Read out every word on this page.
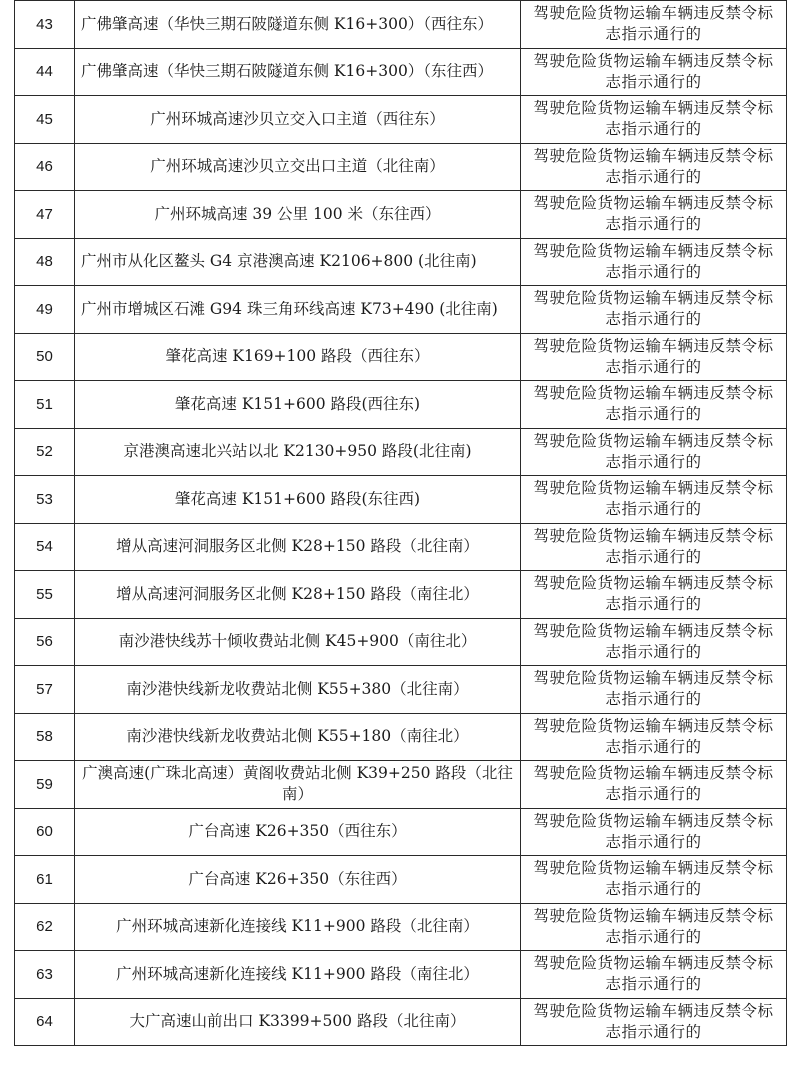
43	广佛肇高速（华快三期石陂隧道东侧 K16+300）（西往东）	驾驶危险货物运输车辆违反禁令标志指示通行的
44	广佛肇高速（华快三期石陂隧道东侧 K16+300）（东往西）	驾驶危险货物运输车辆违反禁令标志指示通行的
45	广州环城高速沙贝立交入口主道（西往东）	驾驶危险货物运输车辆违反禁令标志指示通行的
46	广州环城高速沙贝立交出口主道（北往南）	驾驶危险货物运输车辆违反禁令标志指示通行的
47	广州环城高速 39 公里 100 米（东往西）	驾驶危险货物运输车辆违反禁令标志指示通行的
48	广州市从化区鳌头 G4 京港澳高速 K2106+800 (北往南)	驾驶危险货物运输车辆违反禁令标志指示通行的
49	广州市增城区石滩 G94 珠三角环线高速 K73+490 (北往南)	驾驶危险货物运输车辆违反禁令标志指示通行的
50	肇花高速 K169+100 路段（西往东）	驾驶危险货物运输车辆违反禁令标志指示通行的
51	肇花高速 K151+600 路段(西往东)	驾驶危险货物运输车辆违反禁令标志指示通行的
52	京港澳高速北兴站以北 K2130+950 路段(北往南)	驾驶危险货物运输车辆违反禁令标志指示通行的
53	肇花高速 K151+600 路段(东往西)	驾驶危险货物运输车辆违反禁令标志指示通行的
54	增从高速河洞服务区北侧 K28+150 路段（北往南）	驾驶危险货物运输车辆违反禁令标志指示通行的
55	增从高速河洞服务区北侧 K28+150 路段（南往北）	驾驶危险货物运输车辆违反禁令标志指示通行的
56	南沙港快线苏十倾收费站北侧 K45+900（南往北）	驾驶危险货物运输车辆违反禁令标志指示通行的
57	南沙港快线新龙收费站北侧 K55+380（北往南）	驾驶危险货物运输车辆违反禁令标志指示通行的
58	南沙港快线新龙收费站北侧 K55+180（南往北）	驾驶危险货物运输车辆违反禁令标志指示通行的
59	广澳高速(广珠北高速）黄阁收费站北侧 K39+250 路段（北往南）	驾驶危险货物运输车辆违反禁令标志指示通行的
60	广台高速 K26+350（西往东）	驾驶危险货物运输车辆违反禁令标志指示通行的
61	广台高速 K26+350（东往西）	驾驶危险货物运输车辆违反禁令标志指示通行的
62	广州环城高速新化连接线 K11+900 路段（北往南）	驾驶危险货物运输车辆违反禁令标志指示通行的
63	广州环城高速新化连接线 K11+900 路段（南往北）	驾驶危险货物运输车辆违反禁令标志指示通行的
64	大广高速山前出口 K3399+500 路段（北往南）	驾驶危险货物运输车辆违反禁令标志指示通行的
